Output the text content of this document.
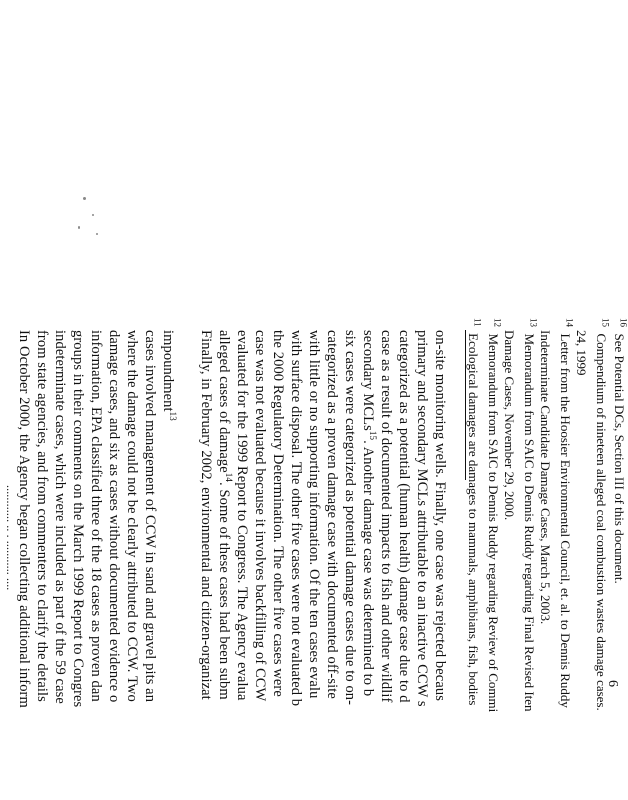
............ .. . ........... ....
In October 2000, the Agency began collecting additional inform from state agencies, and from commenters to clarify the details indeterminate cases, which were included as part of the 59 case groups in their comments on the March 1999 Report to Congres information, EPA classified three of the 18 cases as proven dan damage cases, and six as cases without documented evidence o where the damage could not be clearly attributed to CCW. Two cases involved management of CCW in sand and gravel pits an impoundment$^{13}$ Finally, in February 2002, environmental and citizen-organizat alleged cases of damage$^{14}$. Some of these cases had been subm evaluated for the 1999 Report to Congress. The Agency evalua case was not evaluated because it involves backfilling of CCW the 2000 Regulatory Determination. The other five cases were with surface disposal. The other five cases were not evaluated b with little or no supporting information. Of the ten cases evalu categorized as a proven damage case with documented off-site six cases were categorized as potential damage cases due to on- secondary MCLs$^{15}$. Another damage case was determined to b case as a result of documented impacts to fish and other wildlif categorized as a potential (human health) damage case due to d primary and secondary MCLs attributable to an inactive CCW s on-site monitoring wells. Finally, one case was rejected becaus
$^{11}$  Ecological damages are damages to mammals, amphibians, fish, bodies
$^{12}$  Memorandum from SAIC to Dennis Ruddy regarding Review of Commi Damage Cases, November 29, 2000.
$^{13}$  Memorandum from SAIC to Dennis Ruddy regarding Final Revised Iten Indeterminate Candidate Damage Cases, March 5, 2003.
$^{14}$  Letter from the Hoosier Environmental Council, et. al. to Dennis Ruddy 24, 1999
$^{15}$  Compendium of nineteen alleged coal combustion wastes damage cases.
$^{16}$  See Potential DCs, Section III of this document.
6
